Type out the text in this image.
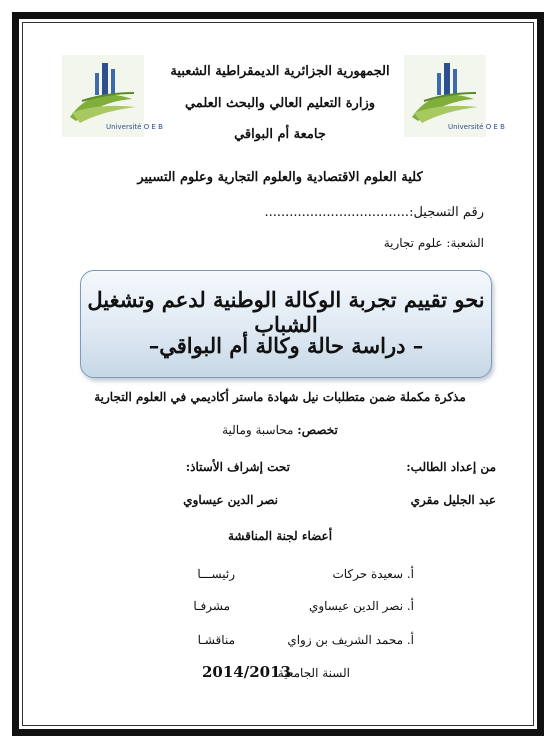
Université O E B	Université O E B
الجمهورية الجزائرية الديمقراطية الشعبية
وزارة التعليم العالي والبحث العلمي
جامعة أم البواقي
كلية العلوم الاقتصادية والعلوم التجارية وعلوم التسيير
رقم التسجيل:...................................
الشعبة: علوم تجارية
نحو تقييم تجربة الوكالة الوطنية لدعم وتشغيل الشباب
– دراسة حالة وكالة أم البواقي–
مذكرة مكملة ضمن متطلبات نيل شهادة ماستر أكاديمي في العلوم التجارية
تخصص: محاسبة ومالية
من إعداد الطالب:
تحت إشراف الأستاذ:
عبد الجليل مقري
نصر الدين عيساوي
أعضاء لجنة المناقشة
أ. سعيدة حركات
رئيســـا
أ. نصر الدين عيساوي
مشرفـا
أ. محمد الشريف بن زواي
مناقشـا
السنة الجامعية:
2014/2013
